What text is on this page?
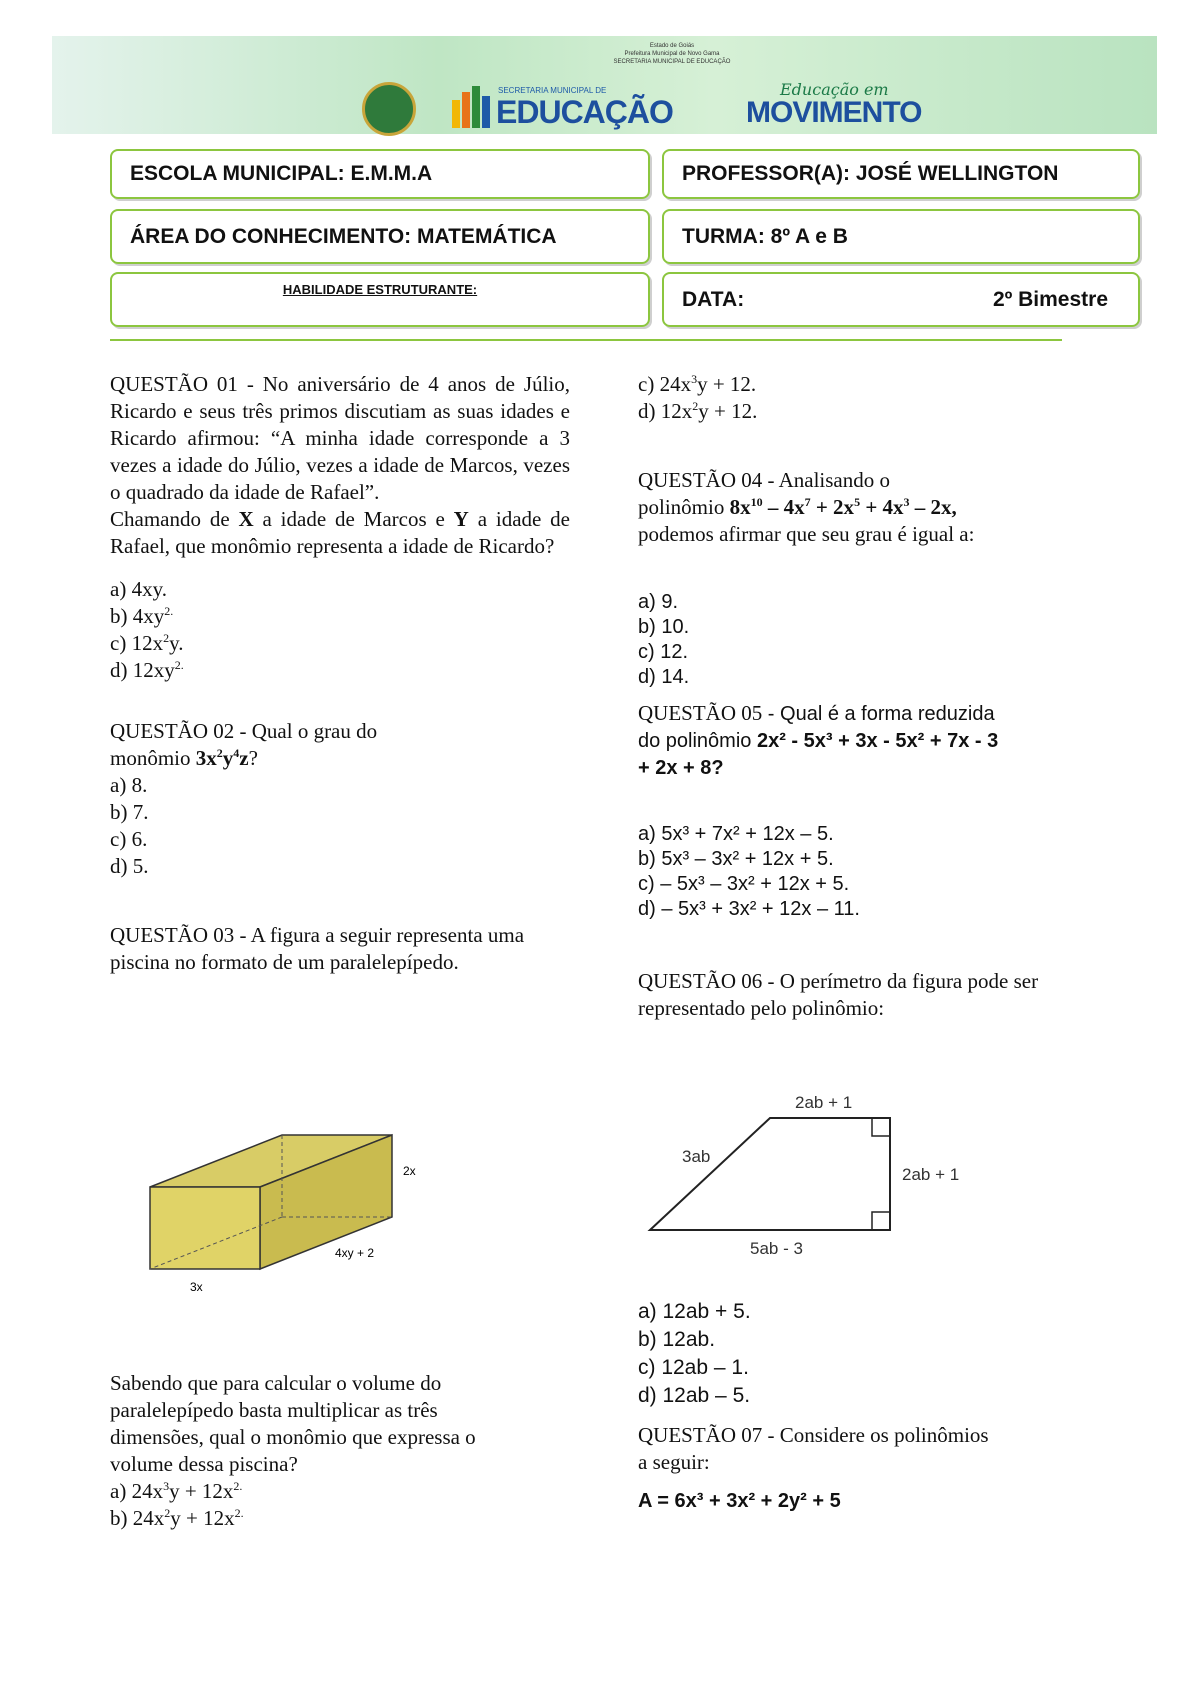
Estado de Goiás
Prefeitura Municipal de Novo Gama
SECRETARIA MUNICIPAL DE EDUCAÇÃO
SECRETARIA MUNICIPAL DE
EDUCAÇÃO
Educação em
MOVIMENTO
ESCOLA MUNICIPAL: E.M.M.A	PROFESSOR(A): JOSÉ WELLINGTON
ÁREA DO CONHECIMENTO: MATEMÁTICA	TURMA: 8º A e B
HABILIDADE ESTRUTURANTE:	DATA:	2º Bimestre

QUESTÃO 01 - No aniversário de 4 anos de Júlio, Ricardo e seus três primos discutiam as suas idades e Ricardo afirmou: “A minha idade corresponde a 3 vezes a idade do Júlio, vezes a idade de Marcos, vezes o quadrado da idade de Rafael”.

Chamando de X a idade de Marcos e Y a idade de Rafael, que monômio representa a idade de Ricardo?

a) 4xy.

b) $4xy^{2.}$

c) $12x^2y$.

d) $12xy^{2.}$

QUESTÃO 02 - Qual o grau do

monômio $3x^2y^4z$?

a) 8.

b) 7.

c) 6.

d) 5.

QUESTÃO 03 - A figura a seguir representa uma piscina no formato de um paralelepípedo.

2x
4xy + 2
3x

Sabendo que para calcular o volume do paralelepípedo basta multiplicar as três dimensões, qual o monômio que expressa o volume dessa piscina?

a) $24x^3y + 12x^{2.}$

b) $24x^2y + 12x^{2.}$

c) $24x^3y + 12$.

d) $12x^2y + 12$.

QUESTÃO 04 - Analisando o

polinômio $8x^{10} - 4x^7 + 2x^5 + 4x^3 - 2x$,

podemos afirmar que seu grau é igual a:

a) 9.

b) 10.

c) 12.

d) 14.

QUESTÃO 05 - Qual é a forma reduzida

do polinômio 2x² - 5x³ + 3x - 5x² + 7x - 3

+ 2x + 8?

a) 5x³ + 7x² + 12x – 5.

b) 5x³ – 3x² + 12x + 5.

c) – 5x³ – 3x² + 12x + 5.

d) – 5x³ + 3x² + 12x – 11.

QUESTÃO 06 - O perímetro da figura pode ser representado pelo polinômio:

2ab + 1
3ab
2ab + 1
5ab - 3

a) 12ab + 5.

b) 12ab.

c) 12ab – 1.

d) 12ab – 5.

QUESTÃO 07 - Considere os polinômios

a seguir:

A = 6x³ + 3x² + 2y² + 5
